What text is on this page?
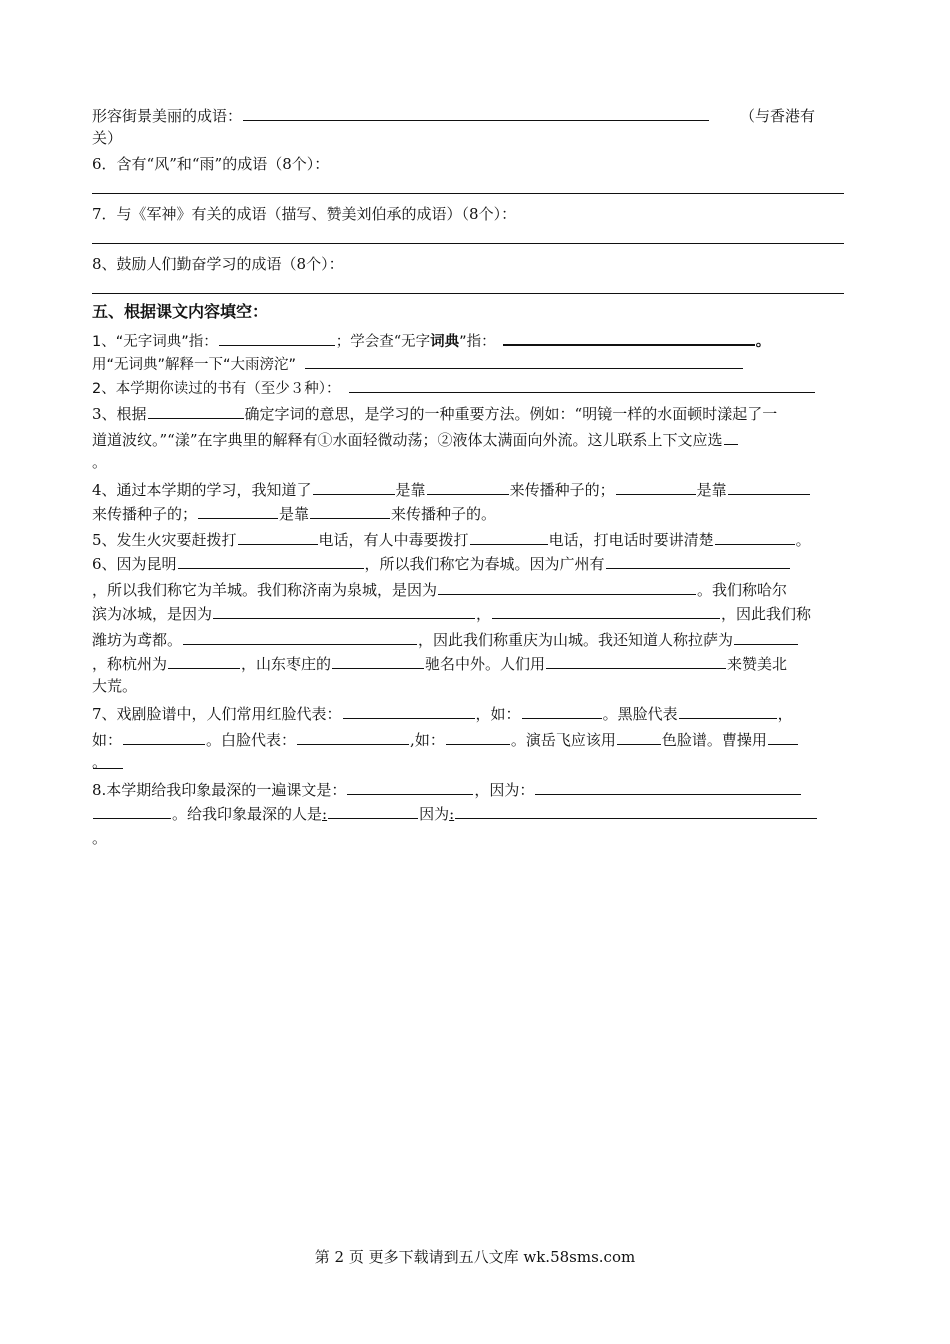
形容街景美丽的成语：	（与香港有
关）
6．含有“风”和“雨”的成语（8个）：
7．与《军神》有关的成语（描写、赞美刘伯承的成语）（8个）：
8、鼓励人们勤奋学习的成语（8个）：
五、根据课文内容填空：
1、“无字词典”指：	；学会查“无字词典”指：	。
用“无词典”解释一下“大雨滂沱”
2、本学期你读过的书有（至少３种）：
3、根据	确定字词的意思，是学习的一种重要方法。例如：“明镜一样的水面顿时漾起了一
道道波纹。”“漾”在字典里的解释有①水面轻微动荡；②液体太满面向外流。这儿联系上下文应选
。
4、通过本学期的学习，我知道了	是靠	来传播种子的；	是靠
来传播种子的；	是靠	来传播种子的。
5、发生火灾要赶拨打	电话，有人中毒要拨打	电话，打电话时要讲清楚	。
6、因为昆明	，所以我们称它为春城。因为广州有
，所以我们称它为羊城。我们称济南为泉城，是因为	。我们称哈尔
滨为冰城，是因为	，	，因此我们称
潍坊为鸢都。	，因此我们称重庆为山城。我还知道人称拉萨为
，称杭州为	，山东枣庄的	驰名中外。人们用	来赞美北
大荒。
7、戏剧脸谱中，人们常用红脸代表：	，如：	。黑脸代表	，
如：	。白脸代表：	,如：	。演岳飞应该用	色脸谱。曹操用
。
8.本学期给我印象最深的一遍课文是：	，因为：
。给我印象最深的人是:	因为:
。
第 2 页 更多下载请到五八文库 wk.58sms.com
